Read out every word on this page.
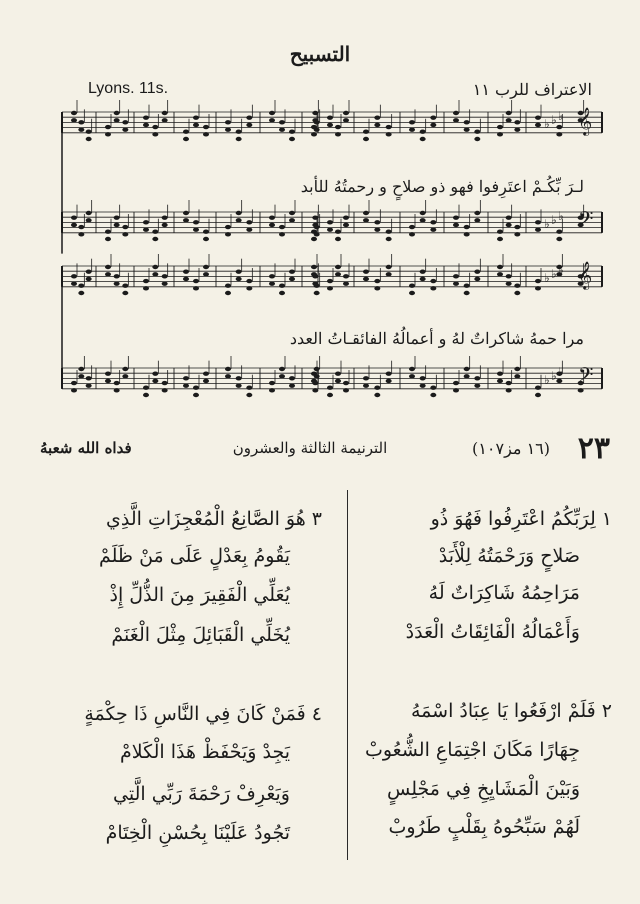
التسبيح
Lyons. 11s.	الاعتراف للرب ١١
𝄞
♭
♭
♭
𝄢
♭
♭
♭
𝄞
♭
♭
♭
𝄢
♭
♭
♭
لـرَ بِّكُـمْ اعتَرِفوا فهو ذو صلاحٍ و رحمتُهُ للأبد
مرا حمهُ شاكراتٌ لهُ و أعمالُهُ الفائقـاتُ العدد
٢٣
(١٦ مز١٠٧)
الترنيمة الثالثة والعشرون
فداه الله شعبهُ
١ لِرَبِّكُمُ اعْتَرِفُوا فَهُوَ ذُو
صَلاحٍ وَرَحْمَتُهُ لِلْأَبَدْ
مَرَاحِمُهُ شَاكِرَاتٌ لَهُ
وَأَعْمَالُهُ الْفَائِقَاتُ الْعَدَدْ
٢ فَلَمْ ارْفَعُوا يَا عِبَادُ اسْمَهُ
جِهَارًا مَكَانَ اجْتِمَاعِ الشُّعُوبْ
وَبَيْنَ الْمَشَايِخِ فِي مَجْلِسٍ
لَهُمْ سَبِّحُوهُ بِقَلْبٍ طَرُوبْ
٣ هُوَ الصَّانِعُ الْمُعْجِزَاتِ الَّذِي
يَقُومُ بِعَدْلٍ عَلَى مَنْ ظَلَمْ
يُعَلِّي الْفَقِيرَ مِنَ الذُّلِّ إِذْ
يُخَلِّي الْقَبَائِلَ مِثْلَ الْغَنَمْ
٤ فَمَنْ كَانَ فِي النَّاسِ ذَا حِكْمَةٍ
يَجِدْ وَيَحْفَظْ هَذَا الْكَلامْ
وَيَعْرِفْ رَحْمَةَ رَبِّي الَّتِي
تَجُودُ عَلَيْنَا بِحُسْنِ الْخِتَامْ
